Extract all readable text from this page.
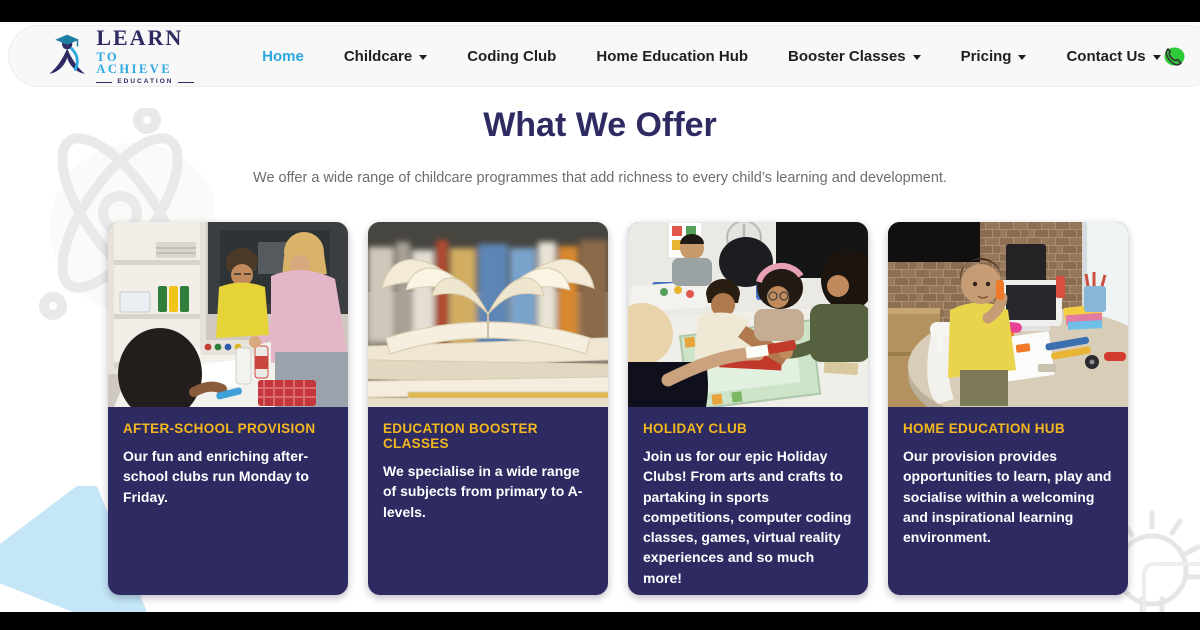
LEARN
TO ACHIEVE
EDUCATION
Home	Childcare	Coding Club	Home Education Hub	Booster Classes	Pricing	Contact Us
What We Offer

We offer a wide range of childcare programmes that add richness to every child’s learning and development.

AFTER-SCHOOL PROVISION
Our fun and enriching after-school clubs run Monday to Friday.
EDUCATION BOOSTER CLASSES
We specialise in a wide range of subjects from primary to A-levels.
HOLIDAY CLUB
Join us for our epic Holiday Clubs! From arts and crafts to partaking in sports competitions, computer coding classes, games, virtual reality experiences and so much more!
HOME EDUCATION HUB
Our provision provides opportunities to learn, play and socialise within a welcoming and inspirational learning environment.
